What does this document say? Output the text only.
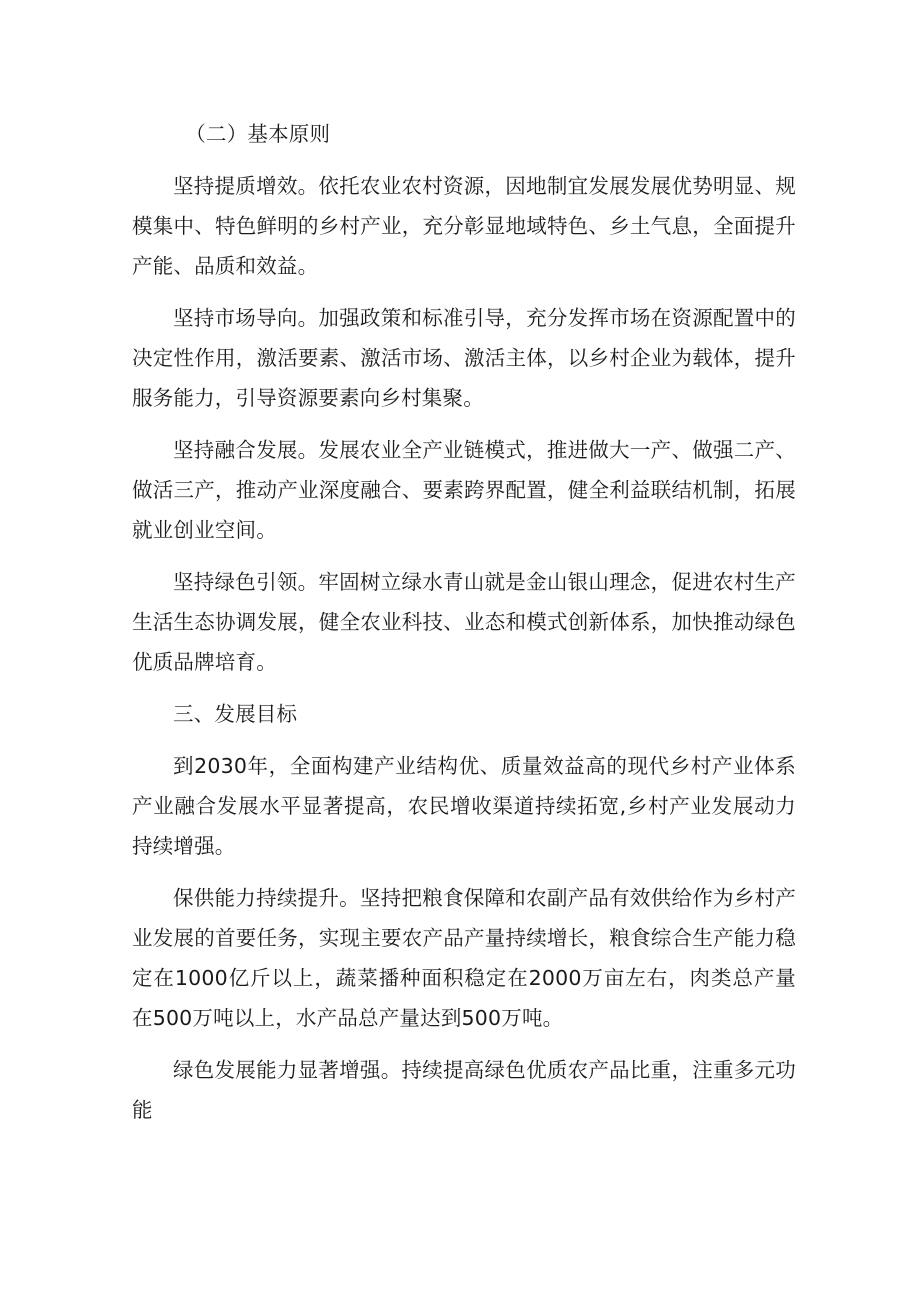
（二）基本原则

坚持提质增效。依托农业农村资源，因地制宜发展发展优势明显、规模集中、特色鲜明的乡村产业，充分彰显地域特色、乡土气息，全面提升产能、品质和效益。

坚持市场导向。加强政策和标准引导，充分发挥市场在资源配置中的决定性作用，激活要素、激活市场、激活主体，以乡村企业为载体，提升服务能力，引导资源要素向乡村集聚。

坚持融合发展。发展农业全产业链模式，推进做大一产、做强二产、做活三产，推动产业深度融合、要素跨界配置，健全利益联结机制，拓展就业创业空间。

坚持绿色引领。牢固树立绿水青山就是金山银山理念，促进农村生产生活生态协调发展，健全农业科技、业态和模式创新体系，加快推动绿色优质品牌培育。

三、发展目标

到2030年，全面构建产业结构优、质量效益高的现代乡村产业体系产业融合发展水平显著提高，农民增收渠道持续拓宽,乡村产业发展动力持续增强。

保供能力持续提升。坚持把粮食保障和农副产品有效供给作为乡村产业发展的首要任务，实现主要农产品产量持续增长，粮食综合生产能力稳定在1000亿斤以上，蔬菜播种面积稳定在2000万亩左右，肉类总产量在500万吨以上，水产品总产量达到500万吨。

绿色发展能力显著增强。持续提高绿色优质农产品比重，注重多元功能
